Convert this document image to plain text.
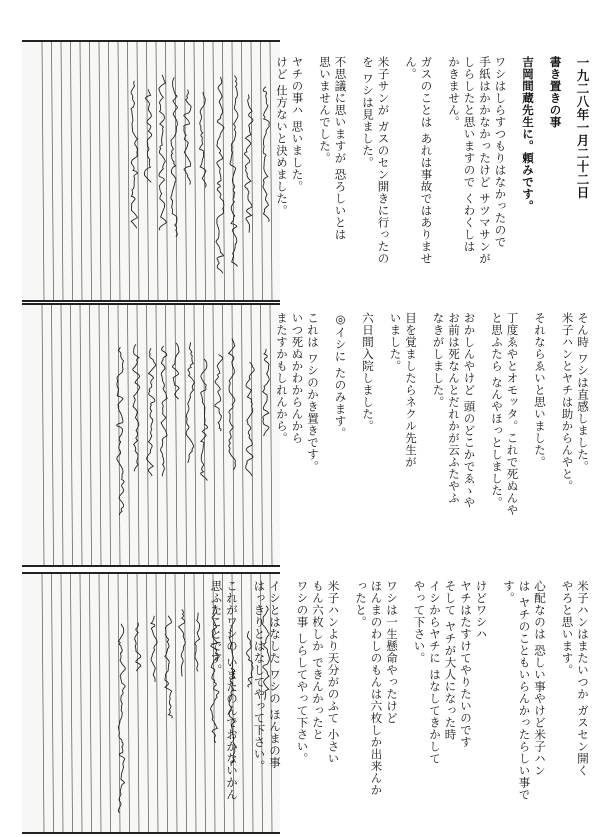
一九二八年一月二十二日

書き置きの事

吉岡間蔵先生に。頼みです。

ワシはしらすつもりはなかったので
手紙はかかなかったけど サツマサンが
しらしたと思いますので くわくしは
かきません。

ガスのことは あれは事故ではありません。

米子サンが ガスのセン開きに行ったの
を ワシは見ました。

不思議に思いますが 恐ろしいとは
思いませんでした。

ヤチの事ハ 思いました。
けど 仕方ないと決めました。

そん時 ワシは直感しました。
米子ハンとヤチは助からんやと。

それならゑいと思いました。

丁度ゑやとオモッタ。これで死ぬんや
と思ふたら なんやほっとしました。

おかしんやけど 頭のどこかでゑゝや
お前は死なんとだれかが云ふたやふ
なきがしました。

目を覚ましたらネクル先生が
いました。

六日間入院しました。

◎イシに たのみます。

これは ワシのかき置きです。
いつ死ぬかわからんから
またすかもしれんから。

米子ハンはまたいつか ガスセン開く
やろと思います。

心配なのは 恐しい事やけど米子ハン
は ヤチのこともいらんかったらしい事です。

けどワシハ
ヤチはたすけてやりたいのです
そして ヤチが大人になった時
イシからヤチに はなしてきかして
やって下さい。

ワシは一生懸命やったけど
ほんまのわしのもんは六枚しか出来んか
ったと。

米子ハンより天分がのふて 小さい
もん六枚しか できんかったと
ワシの事 しらしてやって下さい。

イシとはなした ワシの ほんまの事
はっきりとはなしてやって下さい。

これがワシの いまたのんでおかないかん
思ふたことです。
